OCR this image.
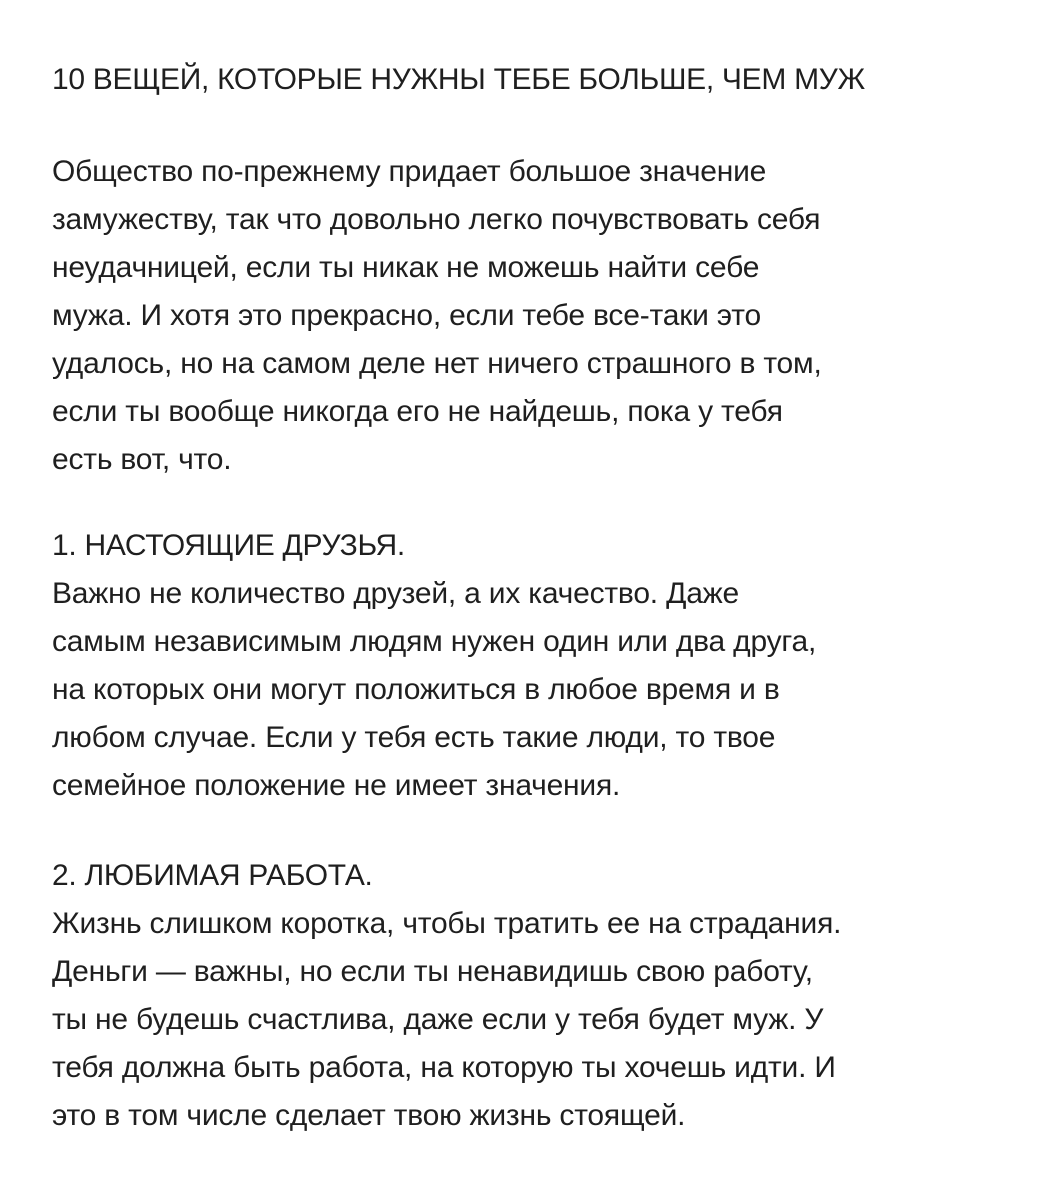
10 ВЕЩЕЙ, КОТОРЫЕ НУЖНЫ ТЕБЕ БОЛЬШЕ, ЧЕМ МУЖ
Общество по-прежнему придает большое значение
замужеству, так что довольно легко почувствовать себя
неудачницей, если ты никак не можешь найти себе
мужа. И хотя это прекрасно, если тебе все-таки это
удалось, но на самом деле нет ничего страшного в том,
если ты вообще никогда его не найдешь, пока у тебя
есть вот, что.
1. НАСТОЯЩИЕ ДРУЗЬЯ.
Важно не количество друзей, а их качество. Даже
самым независимым людям нужен один или два друга,
на которых они могут положиться в любое время и в
любом случае. Если у тебя есть такие люди, то твое
семейное положение не имеет значения.
2. ЛЮБИМАЯ РАБОТА.
Жизнь слишком коротка, чтобы тратить ее на страдания.
Деньги — важны, но если ты ненавидишь свою работу,
ты не будешь счастлива, даже если у тебя будет муж. У
тебя должна быть работа, на которую ты хочешь идти. И
это в том числе сделает твою жизнь стоящей.
